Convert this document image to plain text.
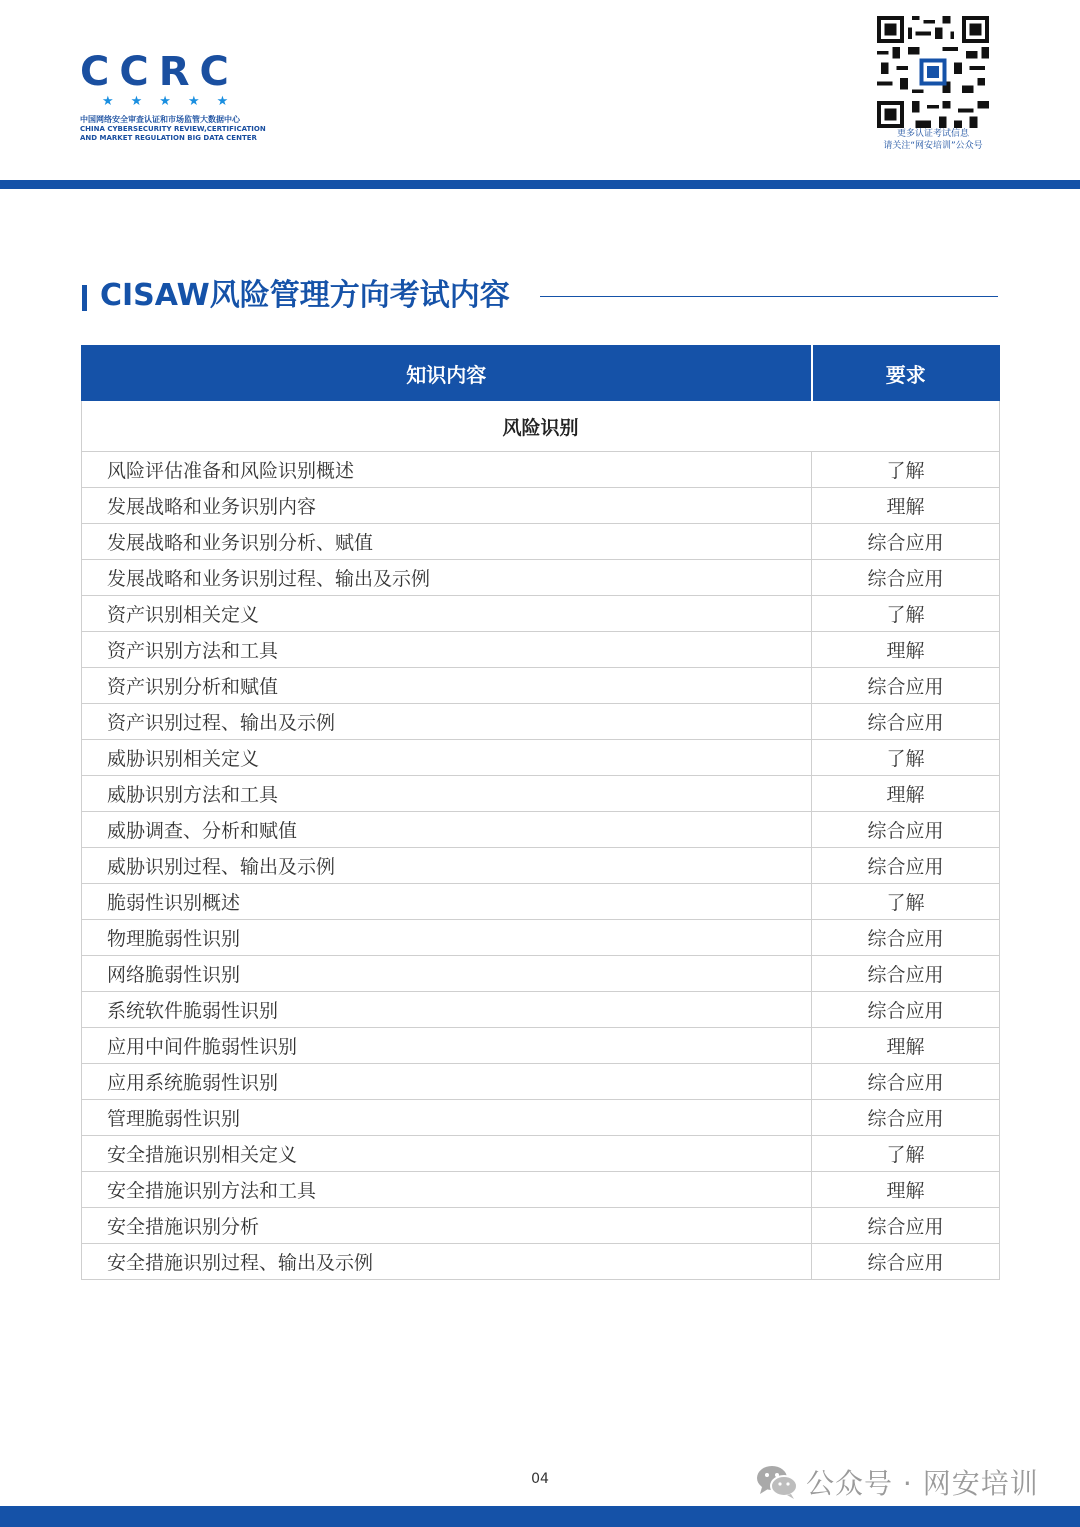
CCRC
★★★★★
中国网络安全审查认证和市场监管大数据中心
CHINA CYBERSECURITY REVIEW,CERTIFICATION
AND MARKET REGULATION BIG DATA CENTER	更多认证考试信息
请关注“网安培训”公众号
CISAW风险管理方向考试内容
知识内容	要求
风险识别	
风险评估准备和风险识别概述	了解
发展战略和业务识别内容	理解
发展战略和业务识别分析、赋值	综合应用
发展战略和业务识别过程、输出及示例	综合应用
资产识别相关定义	了解
资产识别方法和工具	理解
资产识别分析和赋值	综合应用
资产识别过程、输出及示例	综合应用
威胁识别相关定义	了解
威胁识别方法和工具	理解
威胁调查、分析和赋值	综合应用
威胁识别过程、输出及示例	综合应用
脆弱性识别概述	了解
物理脆弱性识别	综合应用
网络脆弱性识别	综合应用
系统软件脆弱性识别	综合应用
应用中间件脆弱性识别	理解
应用系统脆弱性识别	综合应用
管理脆弱性识别	综合应用
安全措施识别相关定义	了解
安全措施识别方法和工具	理解
安全措施识别分析	综合应用
安全措施识别过程、输出及示例	综合应用
04	公众号 · 网安培训
